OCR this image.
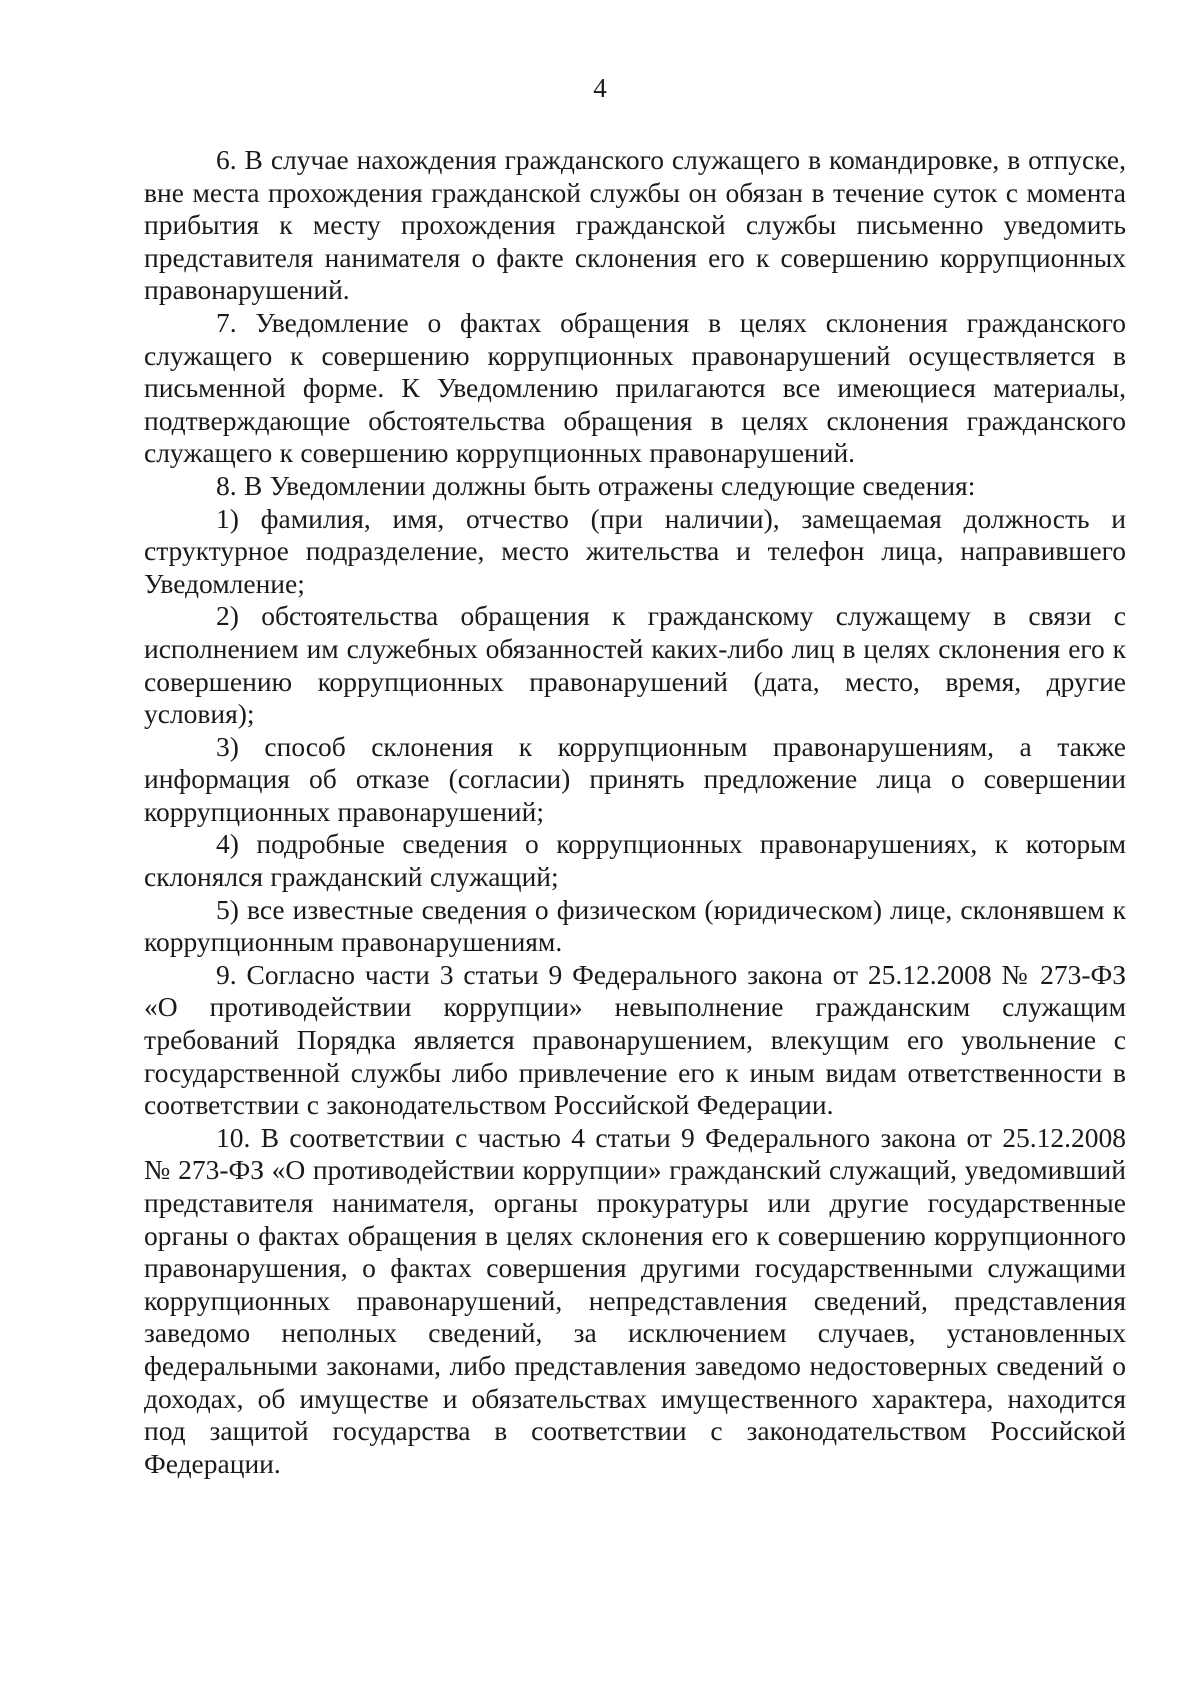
4

6. В случае нахождения гражданского служащего в командировке, в отпуске, вне места прохождения гражданской службы он обязан в течение суток с момента прибытия к месту прохождения гражданской службы письменно уведомить представителя нанимателя о факте склонения его к совершению коррупционных правонарушений.

7. Уведомление о фактах обращения в целях склонения гражданского служащего к совершению коррупционных правонарушений осуществляется в письменной форме. К Уведомлению прилагаются все имеющиеся материалы, подтверждающие обстоятельства обращения в целях склонения гражданского служащего к совершению коррупционных правонарушений.

8. В Уведомлении должны быть отражены следующие сведения:

1) фамилия, имя, отчество (при наличии), замещаемая должность и структурное подразделение, место жительства и телефон лица, направившего Уведомление;

2) обстоятельства обращения к гражданскому служащему в связи с исполнением им служебных обязанностей каких-либо лиц в целях склонения его к совершению коррупционных правонарушений (дата, место, время, другие условия);

3) способ склонения к коррупционным правонарушениям, а также информация об отказе (согласии) принять предложение лица о совершении коррупционных правонарушений;

4) подробные сведения о коррупционных правонарушениях, к которым склонялся гражданский служащий;

5) все известные сведения о физическом (юридическом) лице, склонявшем к коррупционным правонарушениям.

9. Согласно части 3 статьи 9 Федерального закона от 25.12.2008 № 273-ФЗ «О противодействии коррупции» невыполнение гражданским служащим требований Порядка является правонарушением, влекущим его увольнение с государственной службы либо привлечение его к иным видам ответственности в соответствии с законодательством Российской Федерации.

10. В соответствии с частью 4 статьи 9 Федерального закона от 25.12.2008 № 273-ФЗ «О противодействии коррупции» гражданский служащий, уведомивший представителя нанимателя, органы прокуратуры или другие государственные органы о фактах обращения в целях склонения его к совершению коррупционного правонарушения, о фактах совершения другими государственными служащими коррупционных правонарушений, непредставления сведений, представления заведомо неполных сведений, за исключением случаев, установленных федеральными законами, либо представления заведомо недостоверных сведений о доходах, об имуществе и обязательствах имущественного характера, находится под защитой государства в соответствии с законодательством Российской Федерации.
